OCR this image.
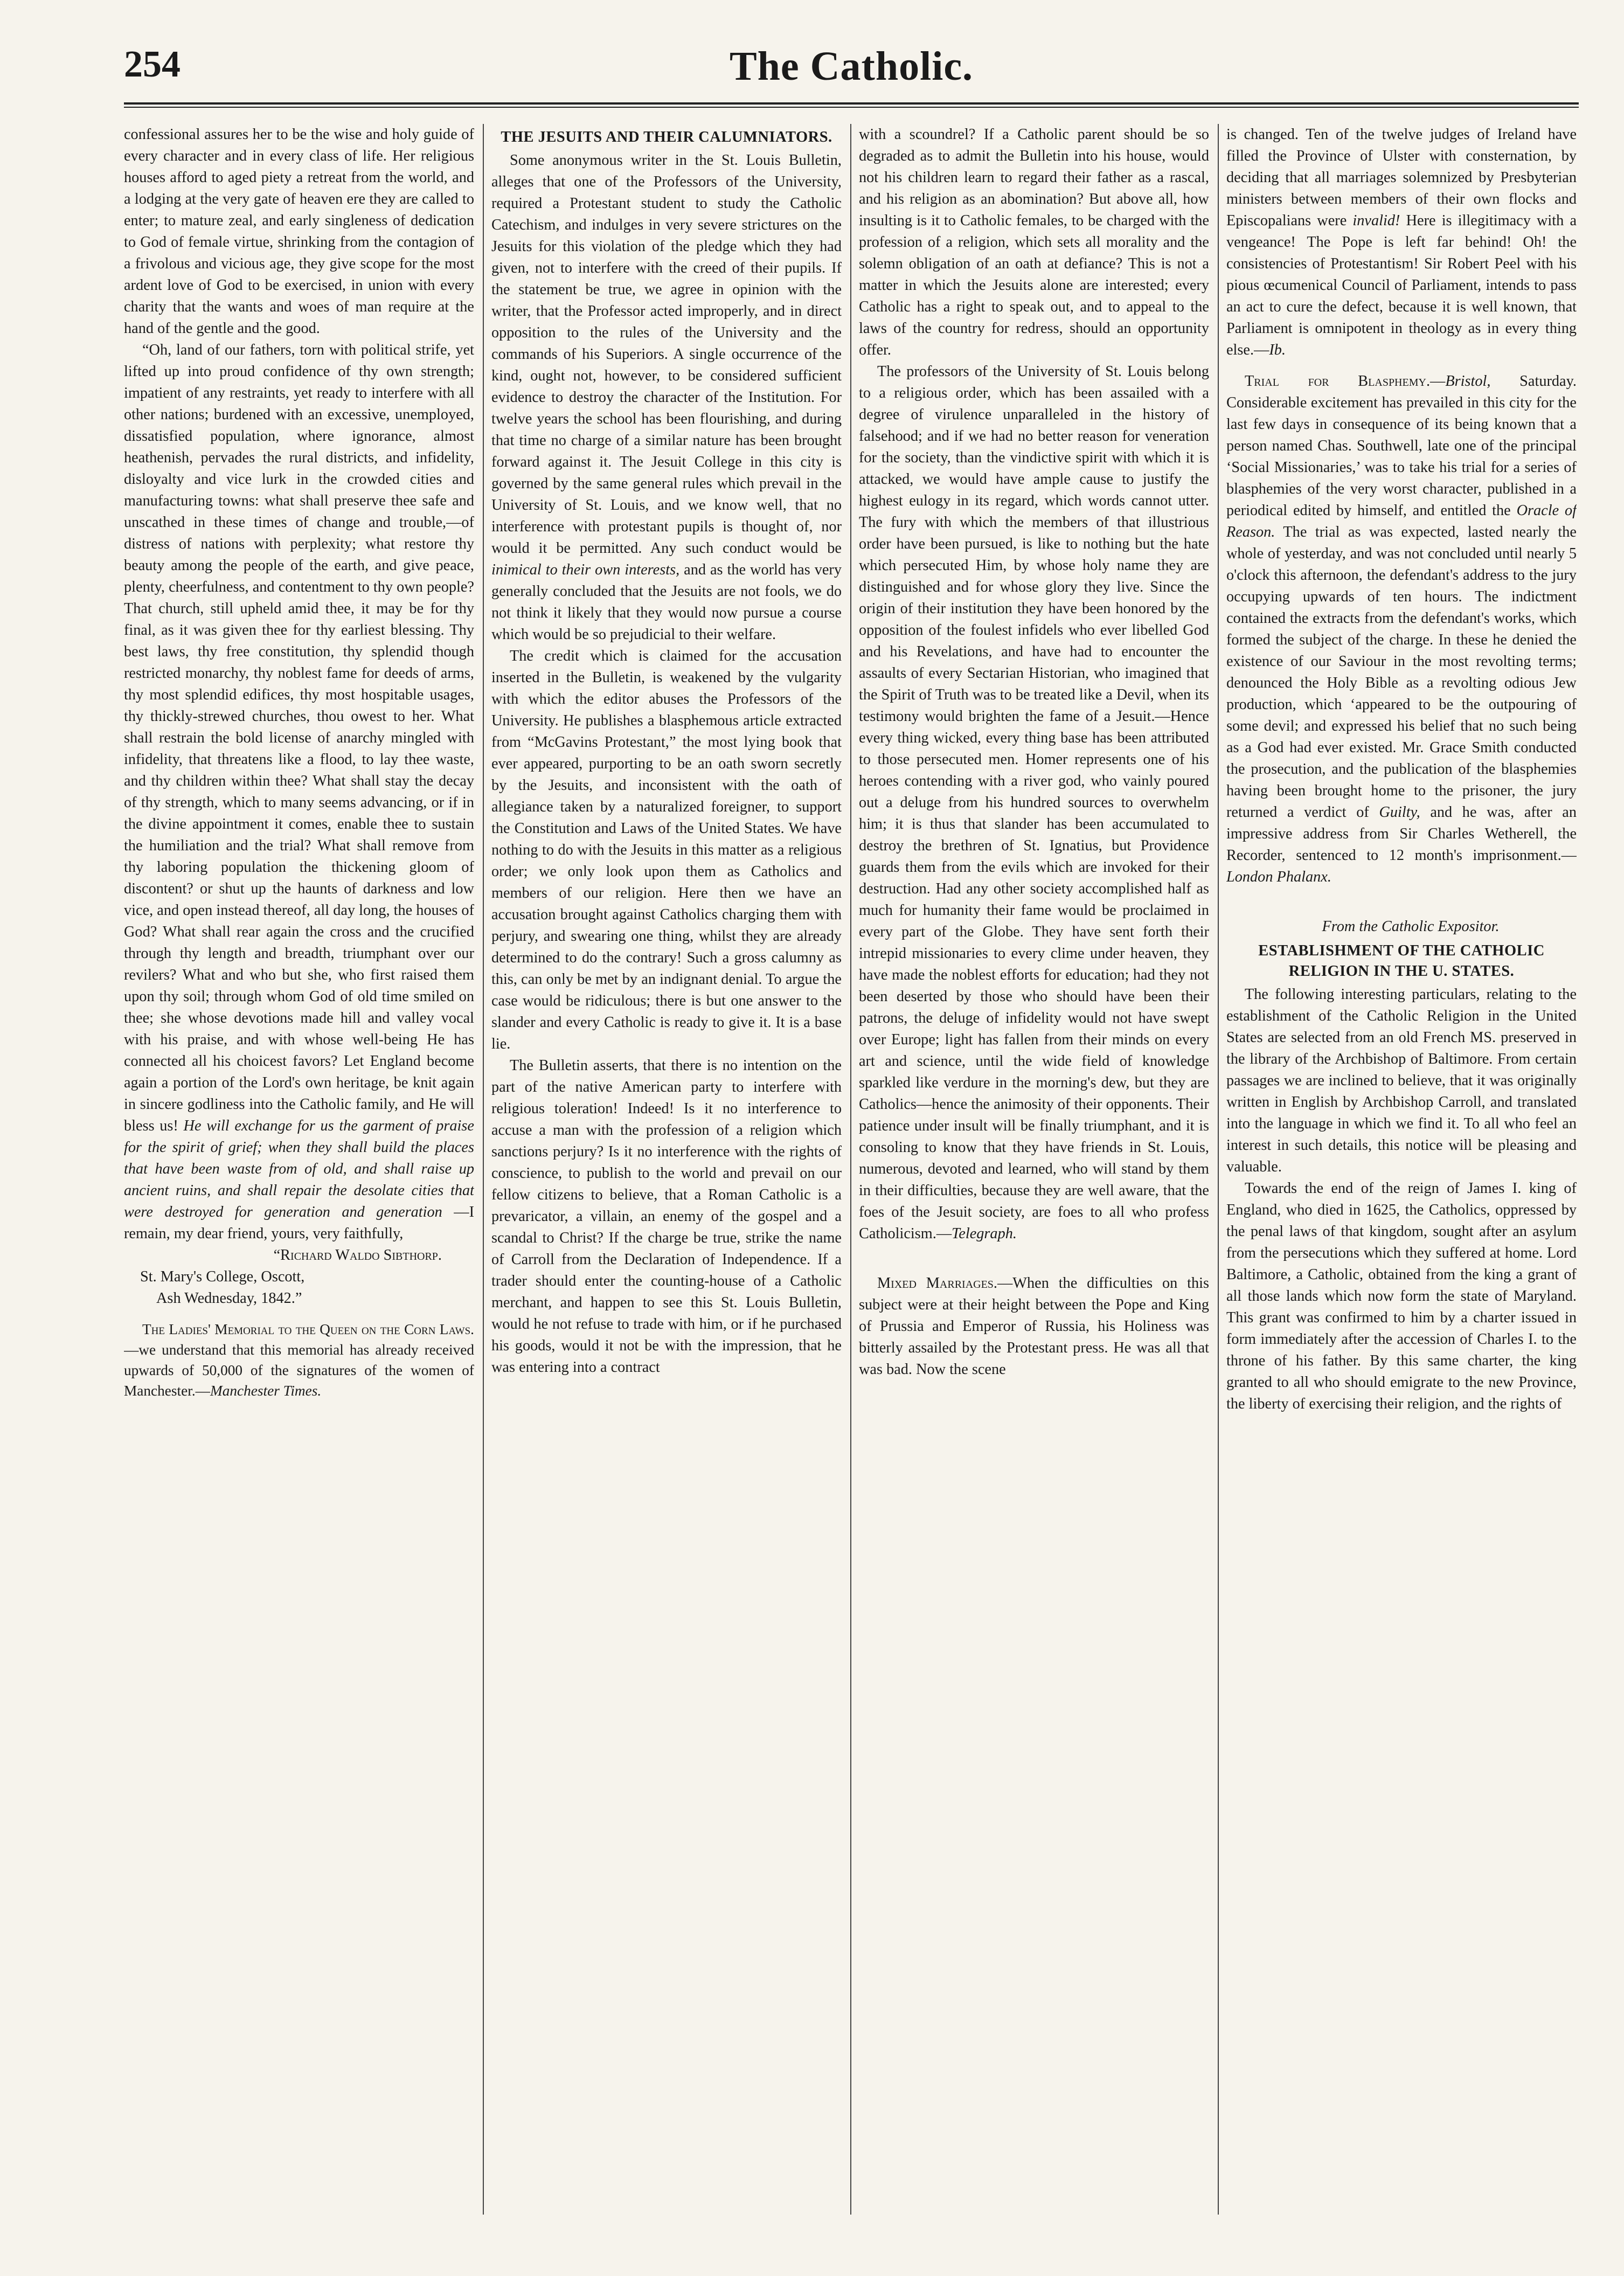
254	The Catholic.

confessional assures her to be the wise and holy guide of every character and in every class of life. Her religious houses afford to aged piety a retreat from the world, and a lodging at the very gate of heaven ere they are called to enter; to mature zeal, and early singleness of dedication to God of female virtue, shrinking from the contagion of a frivolous and vicious age, they give scope for the most ardent love of God to be exercised, in union with every charity that the wants and woes of man require at the hand of the gentle and the good.

“Oh, land of our fathers, torn with political strife, yet lifted up into proud confidence of thy own strength; impatient of any restraints, yet ready to interfere with all other nations; burdened with an excessive, unemployed, dissatisfied population, where ignorance, almost heathenish, pervades the rural districts, and infidelity, disloyalty and vice lurk in the crowded cities and manufacturing towns: what shall preserve thee safe and unscathed in these times of change and trouble,—of distress of nations with perplexity; what restore thy beauty among the people of the earth, and give peace, plenty, cheerfulness, and contentment to thy own people? That church, still upheld amid thee, it may be for thy final, as it was given thee for thy earliest blessing. Thy best laws, thy free constitution, thy splendid though restricted monarchy, thy noblest fame for deeds of arms, thy most splendid edifices, thy most hospitable usages, thy thickly-strewed churches, thou owest to her. What shall restrain the bold license of anarchy mingled with infidelity, that threatens like a flood, to lay thee waste, and thy children within thee? What shall stay the decay of thy strength, which to many seems advancing, or if in the divine appointment it comes, enable thee to sustain the humiliation and the trial? What shall remove from thy laboring population the thickening gloom of discontent? or shut up the haunts of darkness and low vice, and open instead thereof, all day long, the houses of God? What shall rear again the cross and the crucified through thy length and breadth, triumphant over our revilers? What and who but she, who first raised them upon thy soil; through whom God of old time smiled on thee; she whose devotions made hill and valley vocal with his praise, and with whose well-being He has connected all his choicest favors? Let England become again a portion of the Lord's own heritage, be knit again in sincere godliness into the Catholic family, and He will bless us! He will exchange for us the garment of praise for the spirit of grief; when they shall build the places that have been waste from of old, and shall raise up ancient ruins, and shall repair the desolate cities that were destroyed for generation and generation —I remain, my dear friend, yours, very faithfully,

“Richard Waldo Sibthorp.

St. Mary's College, Oscott,

Ash Wednesday, 1842.”

The Ladies' Memorial to the Queen on the Corn Laws.—we understand that this memorial has already received upwards of 50,000 of the signatures of the women of Manchester.—Manchester Times.

THE JESUITS AND THEIR CALUMNIATORS.

Some anonymous writer in the St. Louis Bulletin, alleges that one of the Professors of the University, required a Protestant student to study the Catholic Catechism, and indulges in very severe strictures on the Jesuits for this violation of the pledge which they had given, not to interfere with the creed of their pupils. If the statement be true, we agree in opinion with the writer, that the Professor acted improperly, and in direct opposition to the rules of the University and the commands of his Superiors. A single occurrence of the kind, ought not, however, to be considered sufficient evidence to destroy the character of the Institution. For twelve years the school has been flourishing, and during that time no charge of a similar nature has been brought forward against it. The Jesuit College in this city is governed by the same general rules which prevail in the University of St. Louis, and we know well, that no interference with protestant pupils is thought of, nor would it be permitted. Any such conduct would be inimical to their own interests, and as the world has very generally concluded that the Jesuits are not fools, we do not think it likely that they would now pursue a course which would be so prejudicial to their welfare.

The credit which is claimed for the accusation inserted in the Bulletin, is weakened by the vulgarity with which the editor abuses the Professors of the University. He publishes a blasphemous article extracted from “McGavins Protestant,” the most lying book that ever appeared, purporting to be an oath sworn secretly by the Jesuits, and inconsistent with the oath of allegiance taken by a naturalized foreigner, to support the Constitution and Laws of the United States. We have nothing to do with the Jesuits in this matter as a religious order; we only look upon them as Catholics and members of our religion. Here then we have an accusation brought against Catholics charging them with perjury, and swearing one thing, whilst they are already determined to do the contrary! Such a gross calumny as this, can only be met by an indignant denial. To argue the case would be ridiculous; there is but one answer to the slander and every Catholic is ready to give it. It is a base lie.

The Bulletin asserts, that there is no intention on the part of the native American party to interfere with religious toleration! Indeed! Is it no interference to accuse a man with the profession of a religion which sanctions perjury? Is it no interference with the rights of conscience, to publish to the world and prevail on our fellow citizens to believe, that a Roman Catholic is a prevaricator, a villain, an enemy of the gospel and a scandal to Christ? If the charge be true, strike the name of Carroll from the Declaration of Independence. If a trader should enter the counting-house of a Catholic merchant, and happen to see this St. Louis Bulletin, would he not refuse to trade with him, or if he purchased his goods, would it not be with the impression, that he was entering into a contract

with a scoundrel? If a Catholic parent should be so degraded as to admit the Bulletin into his house, would not his children learn to regard their father as a rascal, and his religion as an abomination? But above all, how insulting is it to Catholic females, to be charged with the profession of a religion, which sets all morality and the solemn obligation of an oath at defiance? This is not a matter in which the Jesuits alone are interested; every Catholic has a right to speak out, and to appeal to the laws of the country for redress, should an opportunity offer.

The professors of the University of St. Louis belong to a religious order, which has been assailed with a degree of virulence unparalleled in the history of falsehood; and if we had no better reason for veneration for the society, than the vindictive spirit with which it is attacked, we would have ample cause to justify the highest eulogy in its regard, which words cannot utter. The fury with which the members of that illustrious order have been pursued, is like to nothing but the hate which persecuted Him, by whose holy name they are distinguished and for whose glory they live. Since the origin of their institution they have been honored by the opposition of the foulest infidels who ever libelled God and his Revelations, and have had to encounter the assaults of every Sectarian Historian, who imagined that the Spirit of Truth was to be treated like a Devil, when its testimony would brighten the fame of a Jesuit.—Hence every thing wicked, every thing base has been attributed to those persecuted men. Homer represents one of his heroes contending with a river god, who vainly poured out a deluge from his hundred sources to overwhelm him; it is thus that slander has been accumulated to destroy the brethren of St. Ignatius, but Providence guards them from the evils which are invoked for their destruction. Had any other society accomplished half as much for humanity their fame would be proclaimed in every part of the Globe. They have sent forth their intrepid missionaries to every clime under heaven, they have made the noblest efforts for education; had they not been deserted by those who should have been their patrons, the deluge of infidelity would not have swept over Europe; light has fallen from their minds on every art and science, until the wide field of knowledge sparkled like verdure in the morning's dew, but they are Catholics—hence the animosity of their opponents. Their patience under insult will be finally triumphant, and it is consoling to know that they have friends in St. Louis, numerous, devoted and learned, who will stand by them in their difficulties, because they are well aware, that the foes of the Jesuit society, are foes to all who profess Catholicism.—Telegraph.

Mixed Marriages.—When the difficulties on this subject were at their height between the Pope and King of Prussia and Emperor of Russia, his Holiness was bitterly assailed by the Protestant press. He was all that was bad. Now the scene

is changed. Ten of the twelve judges of Ireland have filled the Province of Ulster with consternation, by deciding that all marriages solemnized by Presbyterian ministers between members of their own flocks and Episcopalians were invalid! Here is illegitimacy with a vengeance! The Pope is left far behind! Oh! the consistencies of Protestantism! Sir Robert Peel with his pious œcumenical Council of Parliament, intends to pass an act to cure the defect, because it is well known, that Parliament is omnipotent in theology as in every thing else.—Ib.

Trial for Blasphemy.—Bristol, Saturday. Considerable excitement has prevailed in this city for the last few days in consequence of its being known that a person named Chas. Southwell, late one of the principal ‘Social Missionaries,’ was to take his trial for a series of blasphemies of the very worst character, published in a periodical edited by himself, and entitled the Oracle of Reason. The trial as was expected, lasted nearly the whole of yesterday, and was not concluded until nearly 5 o'clock this afternoon, the defendant's address to the jury occupying upwards of ten hours. The indictment contained the extracts from the defendant's works, which formed the subject of the charge. In these he denied the existence of our Saviour in the most revolting terms; denounced the Holy Bible as a revolting odious Jew production, which ‘appeared to be the outpouring of some devil; and expressed his belief that no such being as a God had ever existed. Mr. Grace Smith conducted the prosecution, and the publication of the blasphemies having been brought home to the prisoner, the jury returned a verdict of Guilty, and he was, after an impressive address from Sir Charles Wetherell, the Recorder, sentenced to 12 month's imprisonment.—London Phalanx.

From the Catholic Expositor.

ESTABLISHMENT OF THE CATHOLIC RELIGION IN THE U. STATES.

The following interesting particulars, relating to the establishment of the Catholic Religion in the United States are selected from an old French MS. preserved in the library of the Archbishop of Baltimore. From certain passages we are inclined to believe, that it was originally written in English by Archbishop Carroll, and translated into the language in which we find it. To all who feel an interest in such details, this notice will be pleasing and valuable.

Towards the end of the reign of James I. king of England, who died in 1625, the Catholics, oppressed by the penal laws of that kingdom, sought after an asylum from the persecutions which they suffered at home. Lord Baltimore, a Catholic, obtained from the king a grant of all those lands which now form the state of Maryland. This grant was confirmed to him by a charter issued in form immediately after the accession of Charles I. to the throne of his father. By this same charter, the king granted to all who should emigrate to the new Province, the liberty of exercising their religion, and the rights of
